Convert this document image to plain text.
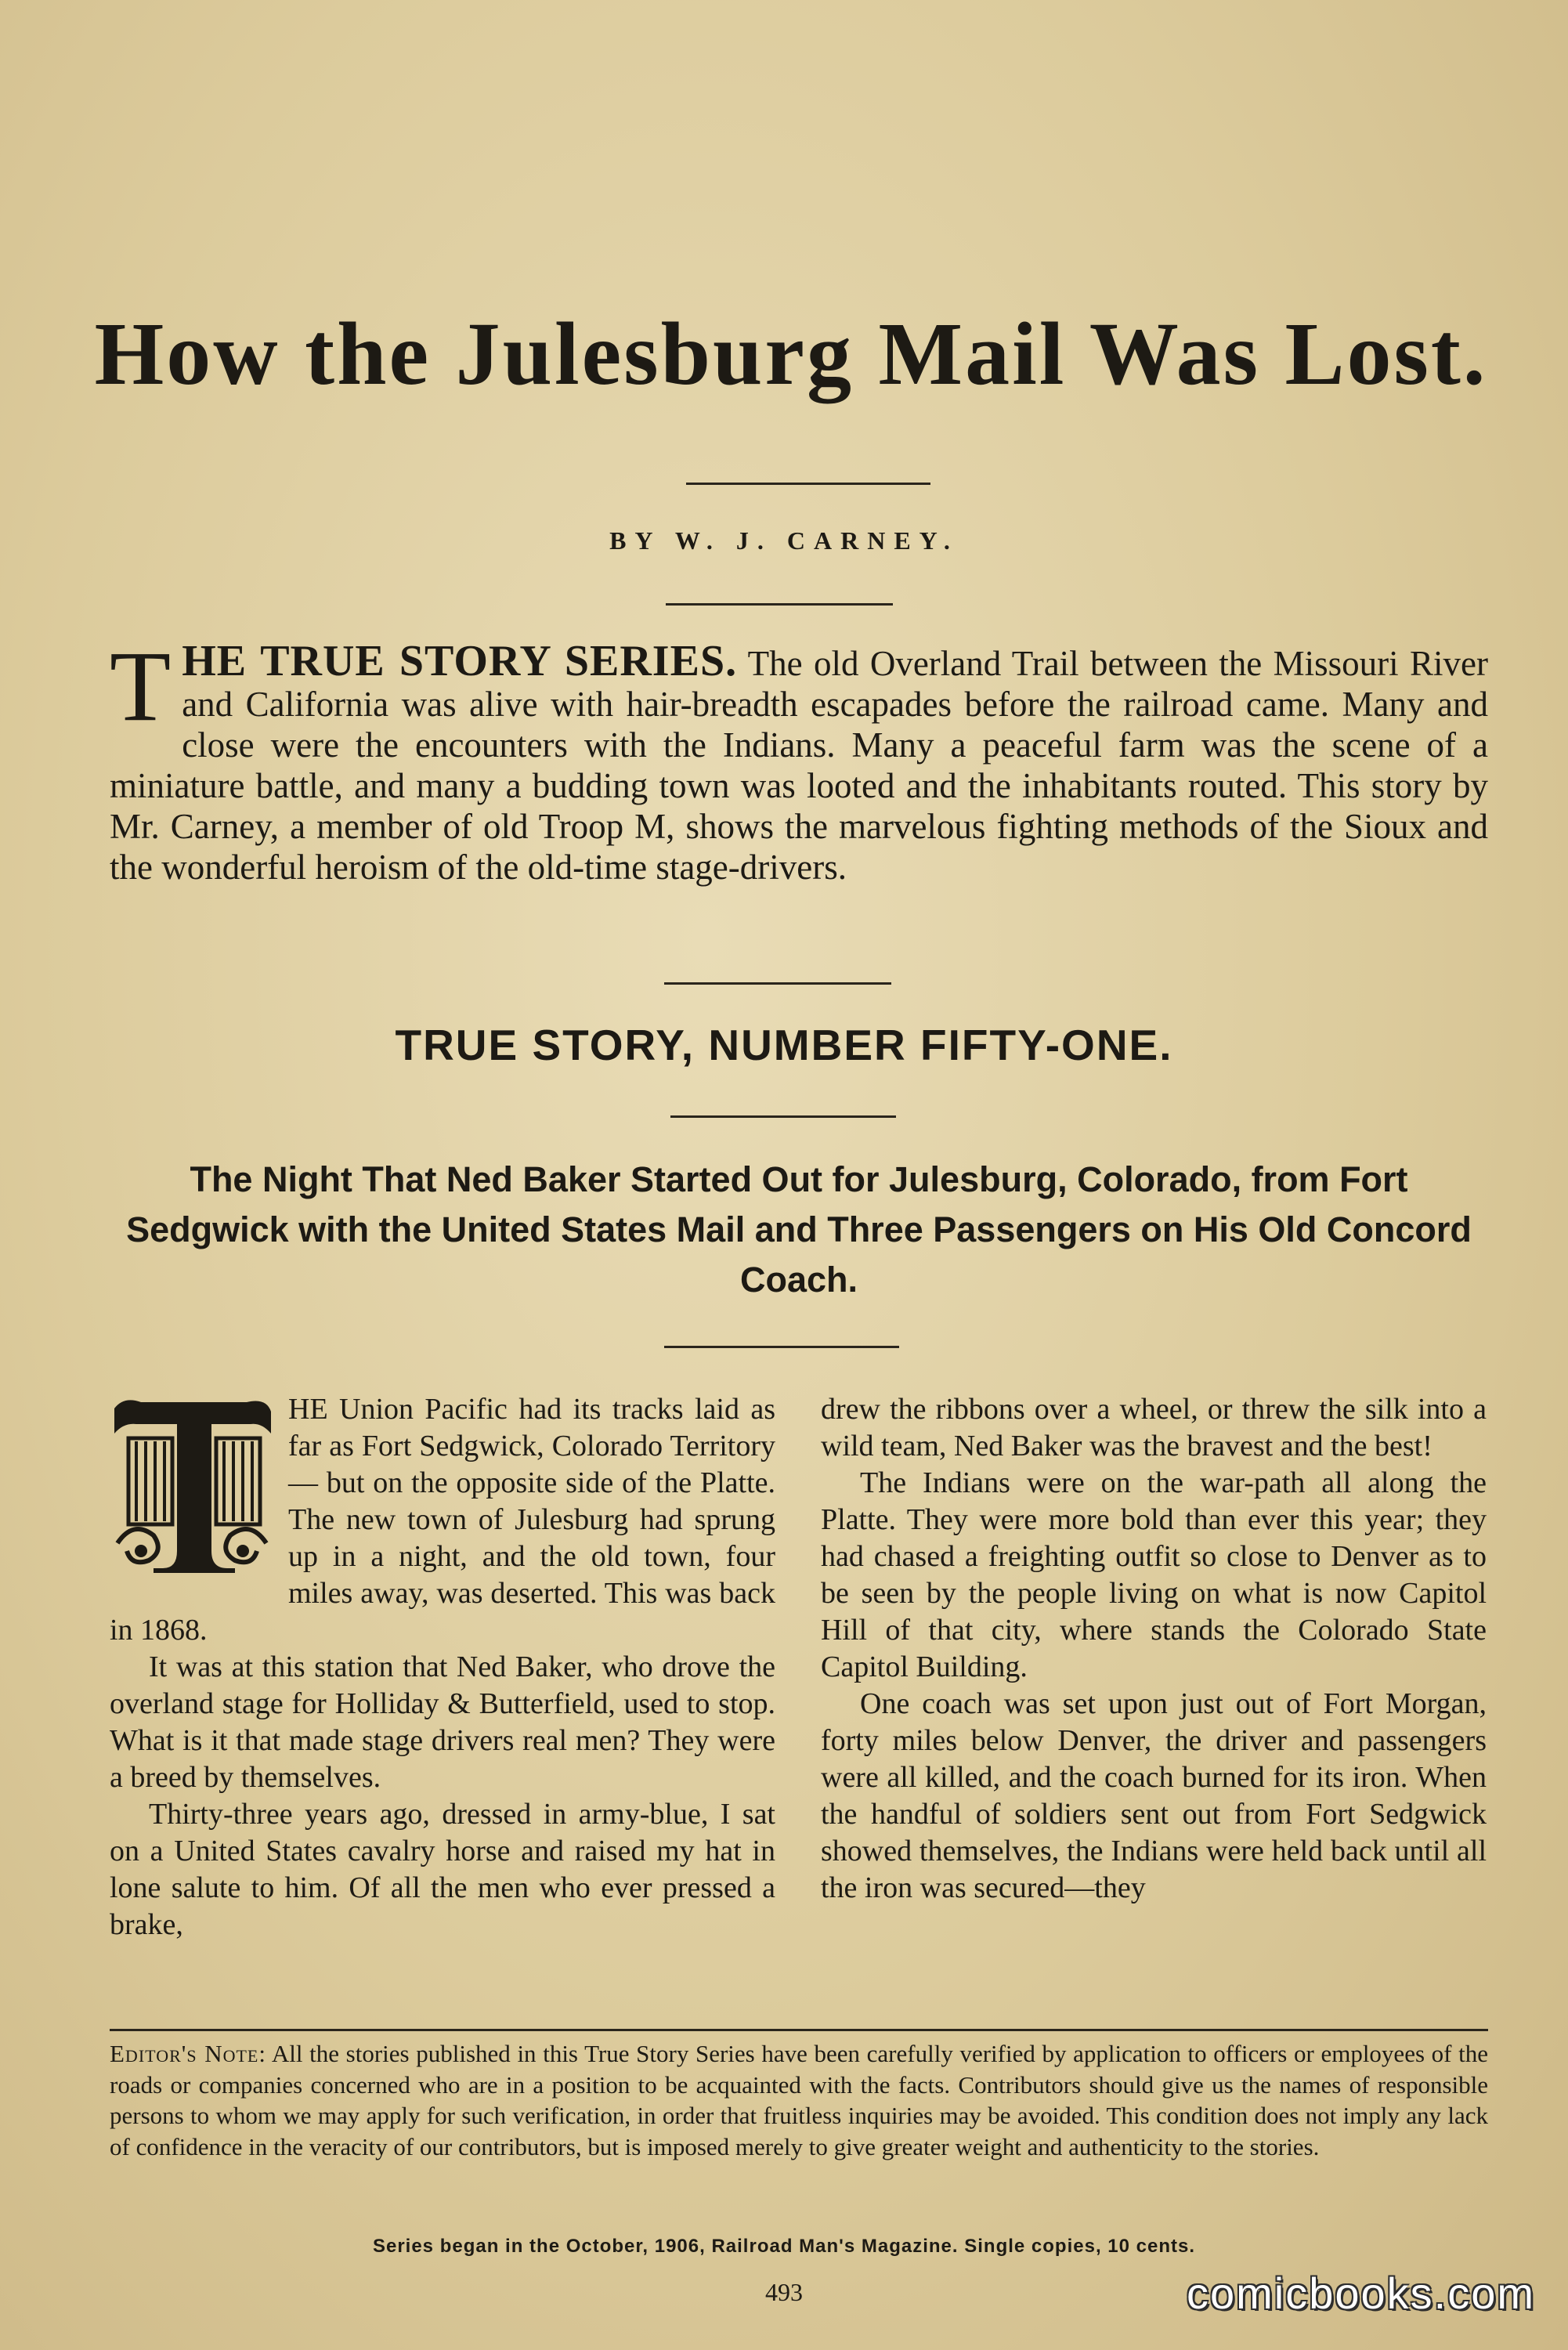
How the Julesburg Mail Was Lost.
BY W. J. CARNEY.
T HE TRUE STORY SERIES. The old Overland Trail between the Missouri River and California was alive with hair-breadth escapades before the railroad came. Many and close were the encounters with the Indians. Many a peaceful farm was the scene of a miniature battle, and many a budding town was looted and the inhabitants routed. This story by Mr. Carney, a member of old Troop M, shows the marvelous fighting methods of the Sioux and the wonderful heroism of the old-time stage-drivers.
TRUE STORY, NUMBER FIFTY-ONE.
The Night That Ned Baker Started Out for Julesburg, Colorado, from Fort Sedgwick with the United States Mail and Three Passengers on His Old Concord Coach.

HE Union Pacific had its tracks laid as far as Fort Sedgwick, Colorado Territory — but on the opposite side of the Platte. The new town of Julesburg had sprung up in a night, and the old town, four miles away, was deserted. This was back in 1868.

It was at this station that Ned Baker, who drove the overland stage for Holliday & Butterfield, used to stop. What is it that made stage drivers real men? They were a breed by themselves.

Thirty-three years ago, dressed in army-blue, I sat on a United States cavalry horse and raised my hat in lone salute to him. Of all the men who ever pressed a brake,

drew the ribbons over a wheel, or threw the silk into a wild team, Ned Baker was the bravest and the best!

The Indians were on the war-path all along the Platte. They were more bold than ever this year; they had chased a freighting outfit so close to Denver as to be seen by the people living on what is now Capitol Hill of that city, where stands the Colorado State Capitol Building.

One coach was set upon just out of Fort Morgan, forty miles below Denver, the driver and passengers were all killed, and the coach burned for its iron. When the handful of soldiers sent out from Fort Sedgwick showed themselves, the Indians were held back until all the iron was secured—they

Editor's Note: All the stories published in this True Story Series have been carefully verified by application to officers or employees of the roads or companies concerned who are in a position to be acquainted with the facts. Contributors should give us the names of responsible persons to whom we may apply for such verification, in order that fruitless inquiries may be avoided. This condition does not imply any lack of confidence in the veracity of our contributors, but is imposed merely to give greater weight and authenticity to the stories.
Series began in the October, 1906, Railroad Man's Magazine. Single copies, 10 cents.
493	comicbooks.com
